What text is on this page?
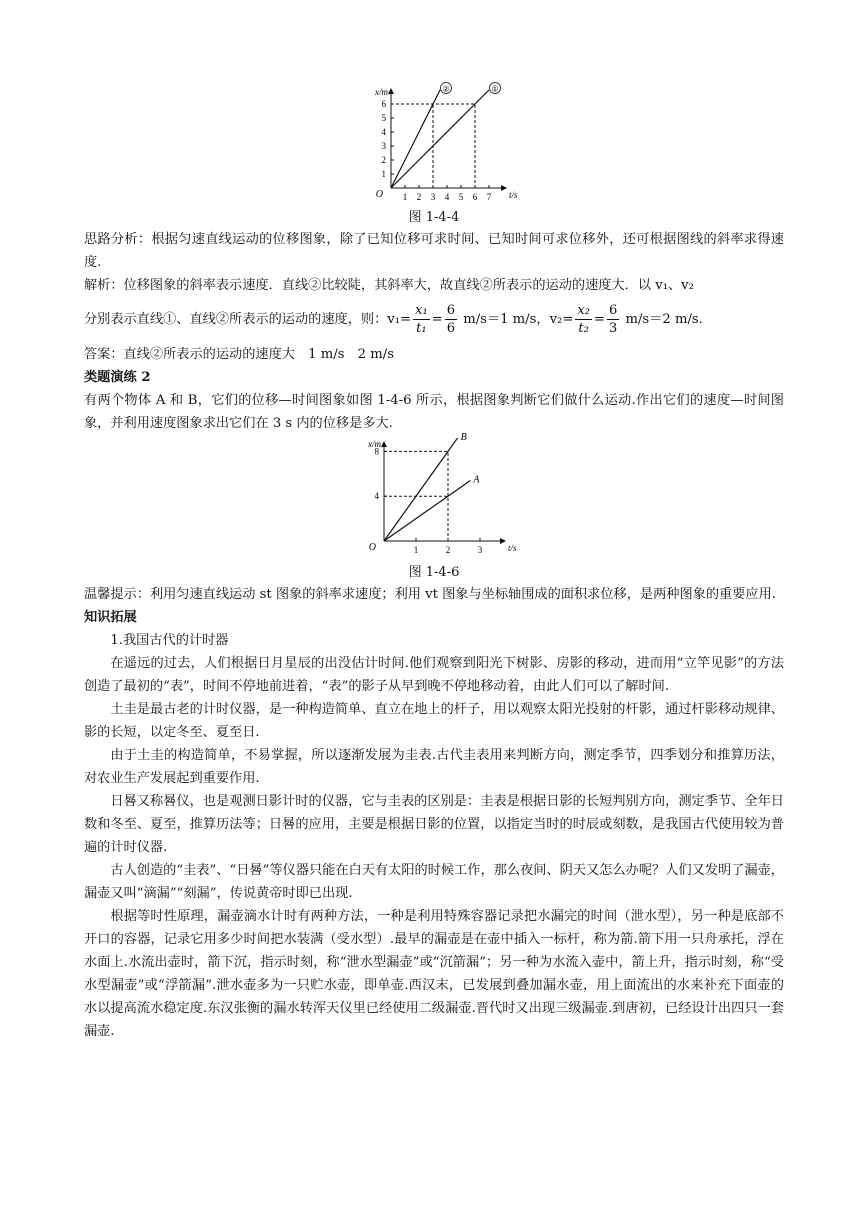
1 2 3 4 5 6 7
1
2
3
4
5
6
O	t/s
x/m	②	①
图 1-4-4

思路分析：根据匀速直线运动的位移图象，除了已知位移可求时间、已知时间可求位移外，还可根据图线的斜率求得速度.

解析：位移图象的斜率表示速度．直线②比较陡，其斜率大，故直线②所表示的运动的速度大．以 v₁、v₂

分别表示直线①、直线②所表示的运动的速度，则：$v_1= \frac{\text{x₁}}{\text{t₁}} = \frac{6}{6} m/s=1$ m/s，$v_2= \frac{\text{x₂}}{\text{t₂}} = \frac{6}{3} m/s=2$ m/s.

答案：直线②所表示的运动的速度大　1 m/s　2 m/s

类题演练 2

有两个物体 A 和 B，它们的位移—时间图象如图 1-4-6 所示，根据图象判断它们做什么运动.作出它们的速度—时间图象，并利用速度图象求出它们在 3 s 内的位移是多大.

1	2	3
4
8
O	t/s
x/m
B
A
图 1-4-6

温馨提示：利用匀速直线运动 st 图象的斜率求速度；利用 vt 图象与坐标轴围成的面积求位移，是两种图象的重要应用.

知识拓展

1.我国古代的计时器

在遥远的过去，人们根据日月星辰的出没估计时间.他们观察到阳光下树影、房影的移动，进而用“立竿见影”的方法创造了最初的“表”，时间不停地前进着，“表”的影子从早到晚不停地移动着，由此人们可以了解时间.

土圭是最古老的计时仪器，是一种构造简单、直立在地上的杆子，用以观察太阳光投射的杆影，通过杆影移动规律、影的长短，以定冬至、夏至日.

由于土圭的构造简单，不易掌握，所以逐渐发展为圭表.古代圭表用来判断方向，测定季节，四季划分和推算历法，对农业生产发展起到重要作用.

日晷又称晷仪，也是观测日影计时的仪器，它与圭表的区别是：圭表是根据日影的长短判别方向，测定季节、全年日数和冬至、夏至，推算历法等；日晷的应用，主要是根据日影的位置，以指定当时的时辰或刻数，是我国古代使用较为普遍的计时仪器.

古人创造的“圭表”、“日晷”等仪器只能在白天有太阳的时候工作，那么夜间、阴天又怎么办呢？人们又发明了漏壶，漏壶又叫“滴漏”“刻漏”，传说黄帝时即已出现.

根据等时性原理，漏壶滴水计时有两种方法，一种是利用特殊容器记录把水漏完的时间（泄水型），另一种是底部不开口的容器，记录它用多少时间把水装满（受水型）.最早的漏壶是在壶中插入一标杆，称为箭.箭下用一只舟承托，浮在水面上.水流出壶时，箭下沉，指示时刻，称“泄水型漏壶”或“沉箭漏”；另一种为水流入壶中，箭上升，指示时刻，称“受水型漏壶”或“浮箭漏”.泄水壶多为一只贮水壶，即单壶.西汉末，已发展到叠加漏水壶，用上面流出的水来补充下面壶的水以提高流水稳定度.东汉张衡的漏水转浑天仪里已经使用二级漏壶.晋代时又出现三级漏壶.到唐初，已经设计出四只一套漏壶.
